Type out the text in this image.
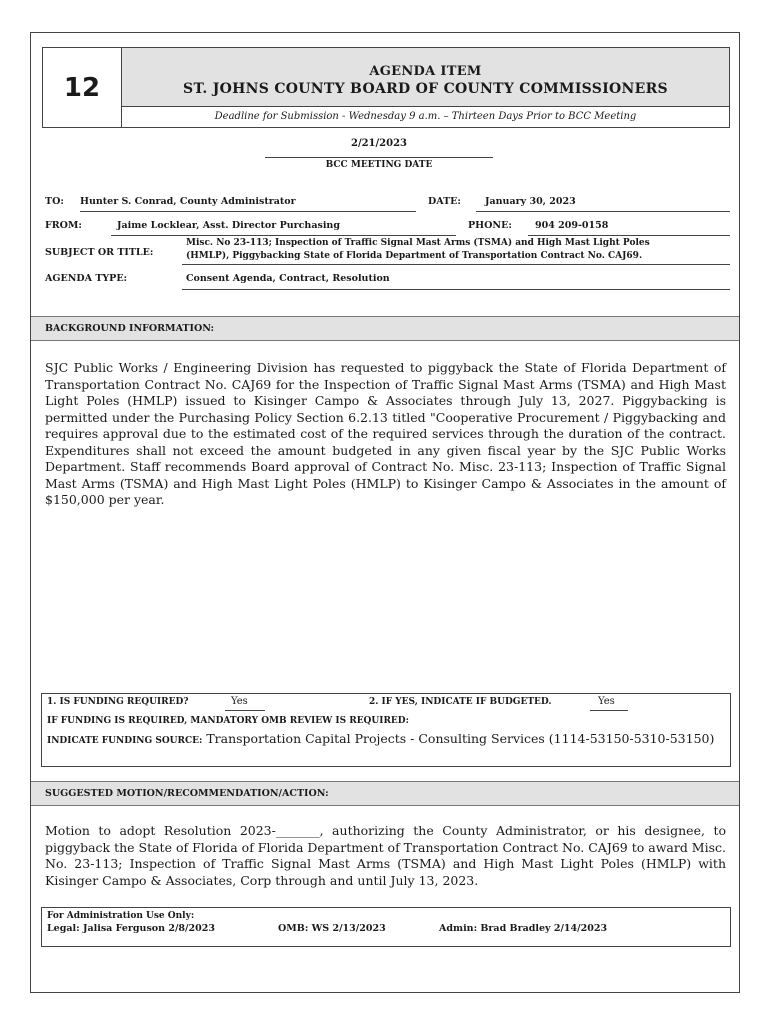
12
AGENDA ITEM
ST. JOHNS COUNTY BOARD OF COUNTY COMMISSIONERS
Deadline for Submission - Wednesday 9 a.m. – Thirteen Days Prior to BCC Meeting
2/21/2023
BCC MEETING DATE
TO: Hunter S. Conrad, County Administrator	DATE:	January 30, 2023
FROM:	Jaime Locklear, Asst. Director Purchasing	PHONE: 904 209-0158
SUBJECT OR TITLE:
Misc. No 23-113; Inspection of Traffic Signal Mast Arms (TSMA) and High Mast Light Poles
(HMLP), Piggybacking State of Florida Department of Transportation Contract No. CAJ69.
AGENDA TYPE:	Consent Agenda, Contract, Resolution
BACKGROUND INFORMATION:
SJC Public Works / Engineering Division has requested to piggyback the State of Florida Department of Transportation Contract No. CAJ69 for the Inspection of Traffic Signal Mast Arms (TSMA) and High Mast Light Poles (HMLP) issued to Kisinger Campo & Associates through July 13, 2027. Piggybacking is permitted under the Purchasing Policy Section 6.2.13 titled "Cooperative Procurement / Piggybacking and requires approval due to the estimated cost of the required services through the duration of the contract. Expenditures shall not exceed the amount budgeted in any given fiscal year by the SJC Public Works Department. Staff recommends Board approval of Contract No. Misc. 23-113; Inspection of Traffic Signal Mast Arms (TSMA) and High Mast Light Poles (HMLP) to Kisinger Campo & Associates in the amount of $150,000 per year.
1. IS FUNDING REQUIRED?	Yes	2. IF YES, INDICATE IF BUDGETED.	Yes
IF FUNDING IS REQUIRED, MANDATORY OMB REVIEW IS REQUIRED:
INDICATE FUNDING SOURCE: Transportation Capital Projects - Consulting Services (1114-53150-5310-53150)
SUGGESTED MOTION/RECOMMENDATION/ACTION:
Motion to adopt Resolution 2023-_______, authorizing the County Administrator, or his designee, to piggyback the State of Florida of Florida Department of Transportation Contract No. CAJ69 to award Misc. No. 23-113; Inspection of Traffic Signal Mast Arms (TSMA) and High Mast Light Poles (HMLP) with Kisinger Campo & Associates, Corp through and until July 13, 2023.
For Administration Use Only:
Legal: Jalisa Ferguson 2/8/2023	OMB: WS 2/13/2023	Admin: Brad Bradley 2/14/2023
